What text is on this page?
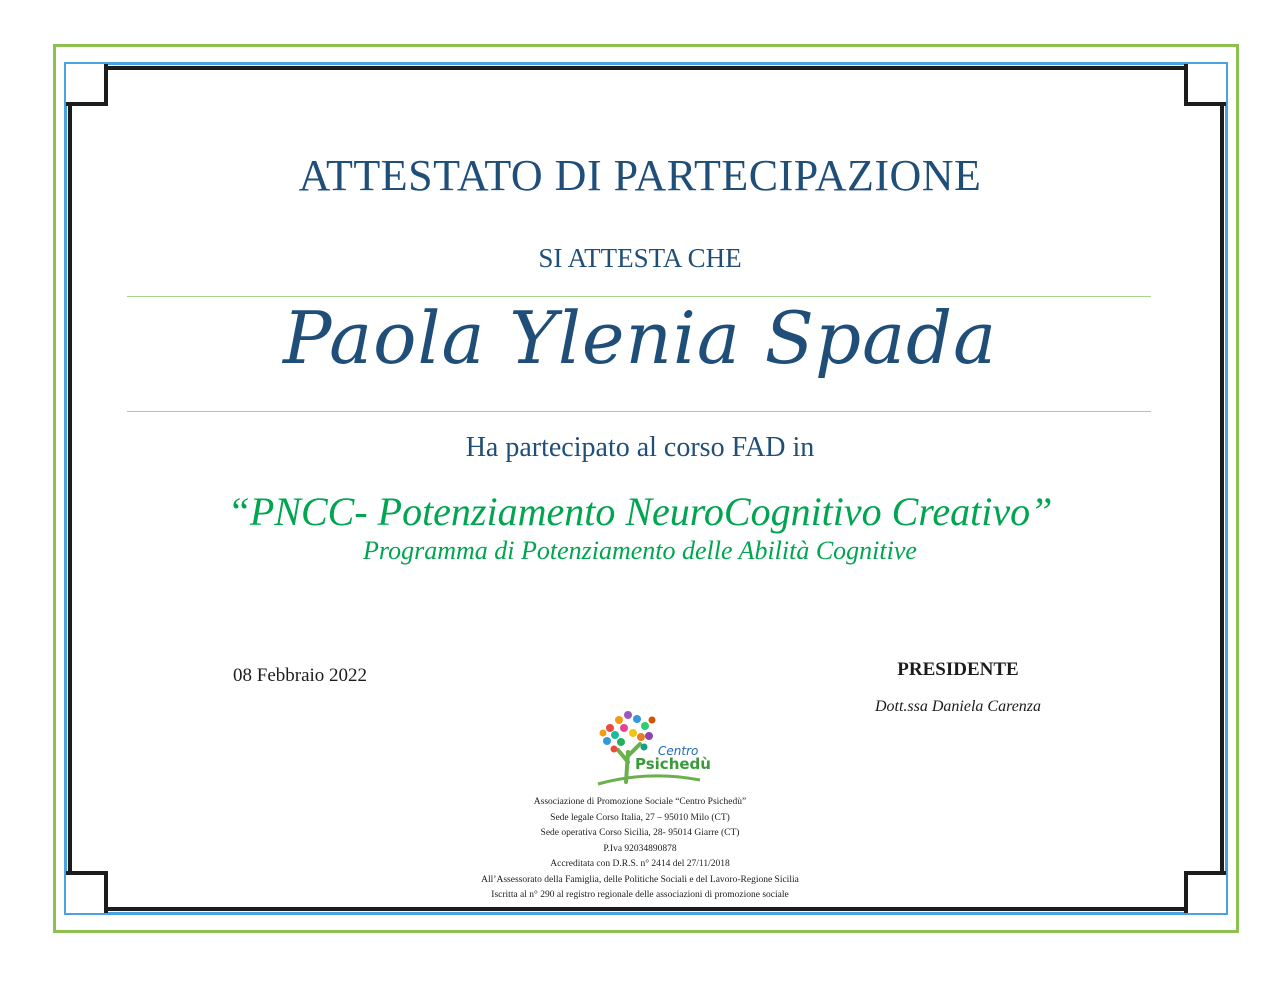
ATTESTATO DI PARTECIPAZIONE
SI ATTESTA CHE
Paola Ylenia Spada
Ha partecipato al corso FAD in
“PNCC- Potenziamento NeuroCognitivo Creativo”
Programma di Potenziamento delle Abilità Cognitive
08 Febbraio 2022	PRESIDENTE
Dott.ssa Daniela Carenza
Centro
Psichedù
Associazione di Promozione Sociale “Centro Psichedù”
Sede legale Corso Italia, 27 – 95010 Milo (CT)
Sede operativa Corso Sicilia, 28- 95014 Giarre (CT)
P.Iva 92034890878
Accreditata con D.R.S. n° 2414 del 27/11/2018
All’Assessorato della Famiglia, delle Politiche Sociali e del Lavoro-Regione Sicilia
Iscritta al n° 290 al registro regionale delle associazioni di promozione sociale
